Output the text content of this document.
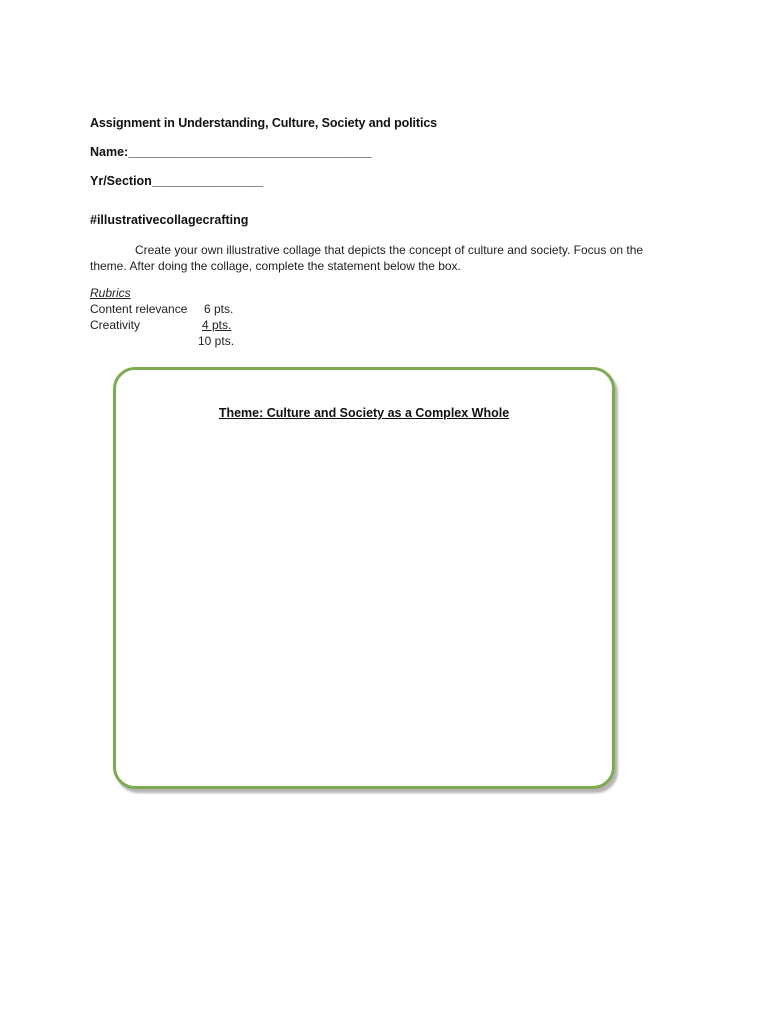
Assignment in Understanding, Culture, Society and politics
Name:___________________________________
Yr/Section________________
#illustrativecollagecrafting
Create your own illustrative collage that depicts the concept of culture and society. Focus on the theme. After doing the collage, complete the statement below the box.
Rubrics
Content relevance 6 pts.
Creativity	4 pts.
10 pts.
Theme: Culture and Society as a Complex Whole
